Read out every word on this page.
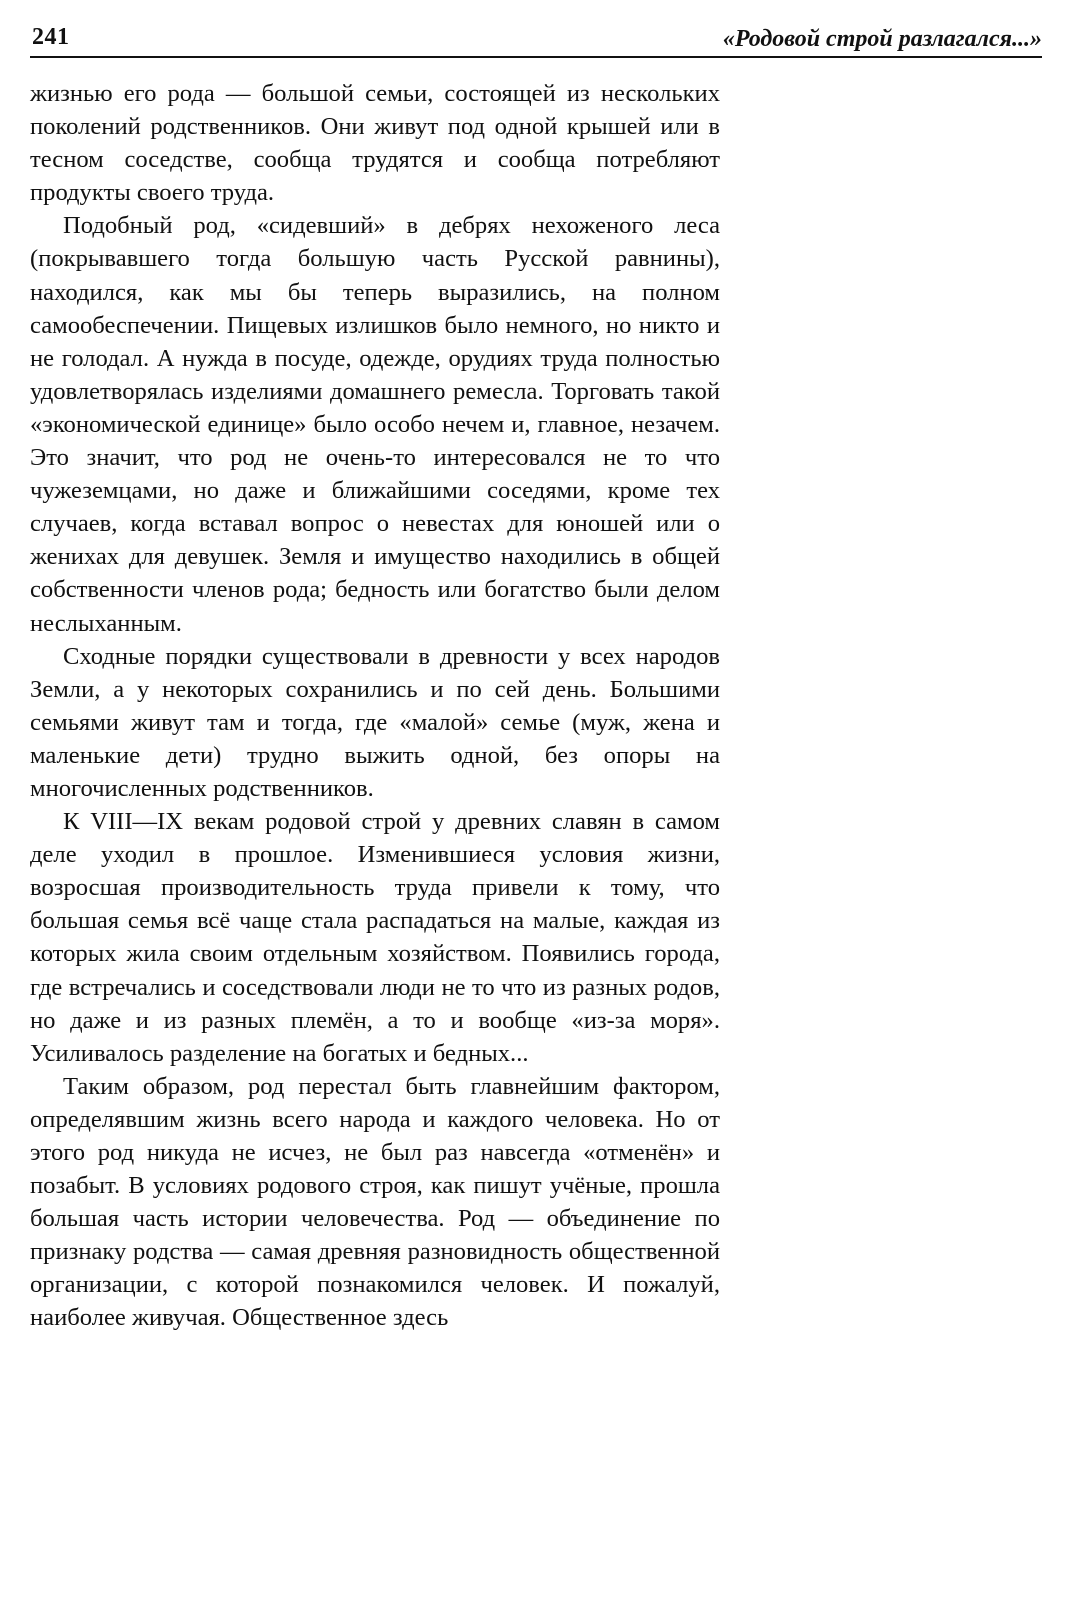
241	«Родовой строй разлагался...»

жизнью его рода — большой семьи, состоящей из нескольких поколений родственников. Они живут под одной крышей или в тесном соседстве, сообща трудятся и сообща потребляют продукты своего труда.

Подобный род, «сидевший» в дебрях нехоженого леса (покрывавшего тогда большую часть Русской равнины), находился, как мы бы теперь выразились, на полном самообеспечении. Пищевых излишков было немного, но никто и не голодал. А нужда в посуде, одежде, орудиях труда полностью удовлетворялась изделиями домашнего ремесла. Торговать такой «экономической единице» было особо нечем и, главное, незачем. Это значит, что род не очень-то интересовался не то что чужеземцами, но даже и ближайшими соседями, кроме тех случаев, когда вставал вопрос о невестах для юношей или о женихах для девушек. Земля и имущество находились в общей собственности членов рода; бедность или богатство были делом неслыханным.

Сходные порядки существовали в древности у всех народов Земли, а у некоторых сохранились и по сей день. Большими семьями живут там и тогда, где «малой» семье (муж, жена и маленькие дети) трудно выжить одной, без опоры на многочисленных родственников.

К VIII—IX векам родовой строй у древних славян в самом деле уходил в прошлое. Изменившиеся условия жизни, возросшая производительность труда привели к тому, что большая семья всё чаще стала распадаться на малые, каждая из которых жила своим отдельным хозяйством. Появились города, где встречались и соседствовали люди не то что из разных родов, но даже и из разных племён, а то и вообще «из-за моря». Усиливалось разделение на богатых и бедных...

Таким образом, род перестал быть главнейшим фактором, определявшим жизнь всего народа и каждого человека. Но от этого род никуда не исчез, не был раз навсегда «отменён» и позабыт. В условиях родового строя, как пишут учёные, прошла большая часть истории человечества. Род — объединение по признаку родства — самая древняя разновидность общественной организации, с которой познакомился человек. И пожалуй, наиболее живучая. Общественное здесь
